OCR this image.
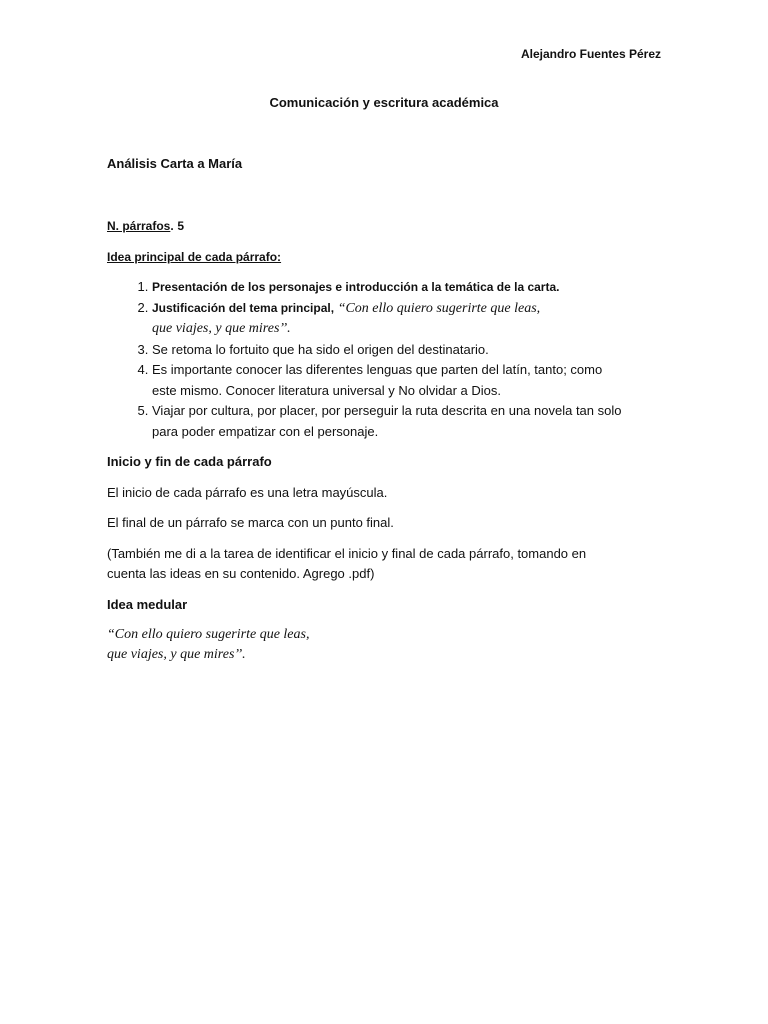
Alejandro Fuentes Pérez
Comunicación y escritura académica
Análisis Carta a María

N. párrafos. 5

Idea principal de cada párrafo:

1. Presentación de los personajes e introducción a la temática de la carta.
2. Justificación del tema principal, “Con ello quiero sugerirte que leas,
que viajes, y que mires’’.
3. Se retoma lo fortuito que ha sido el origen del destinatario.
4. Es importante conocer las diferentes lenguas que parten del latín, tanto; como
este mismo. Conocer literatura universal y No olvidar a Dios.
5. Viajar por cultura, por placer, por perseguir la ruta descrita en una novela tan solo
para poder empatizar con el personaje.

Inicio y fin de cada párrafo

El inicio de cada párrafo es una letra mayúscula.

El final de un párrafo se marca con un punto final.

(También me di a la tarea de identificar el inicio y final de cada párrafo, tomando en
cuenta las ideas en su contenido. Agrego .pdf)

Idea medular

“Con ello quiero sugerirte que leas,
que viajes, y que mires’’.
